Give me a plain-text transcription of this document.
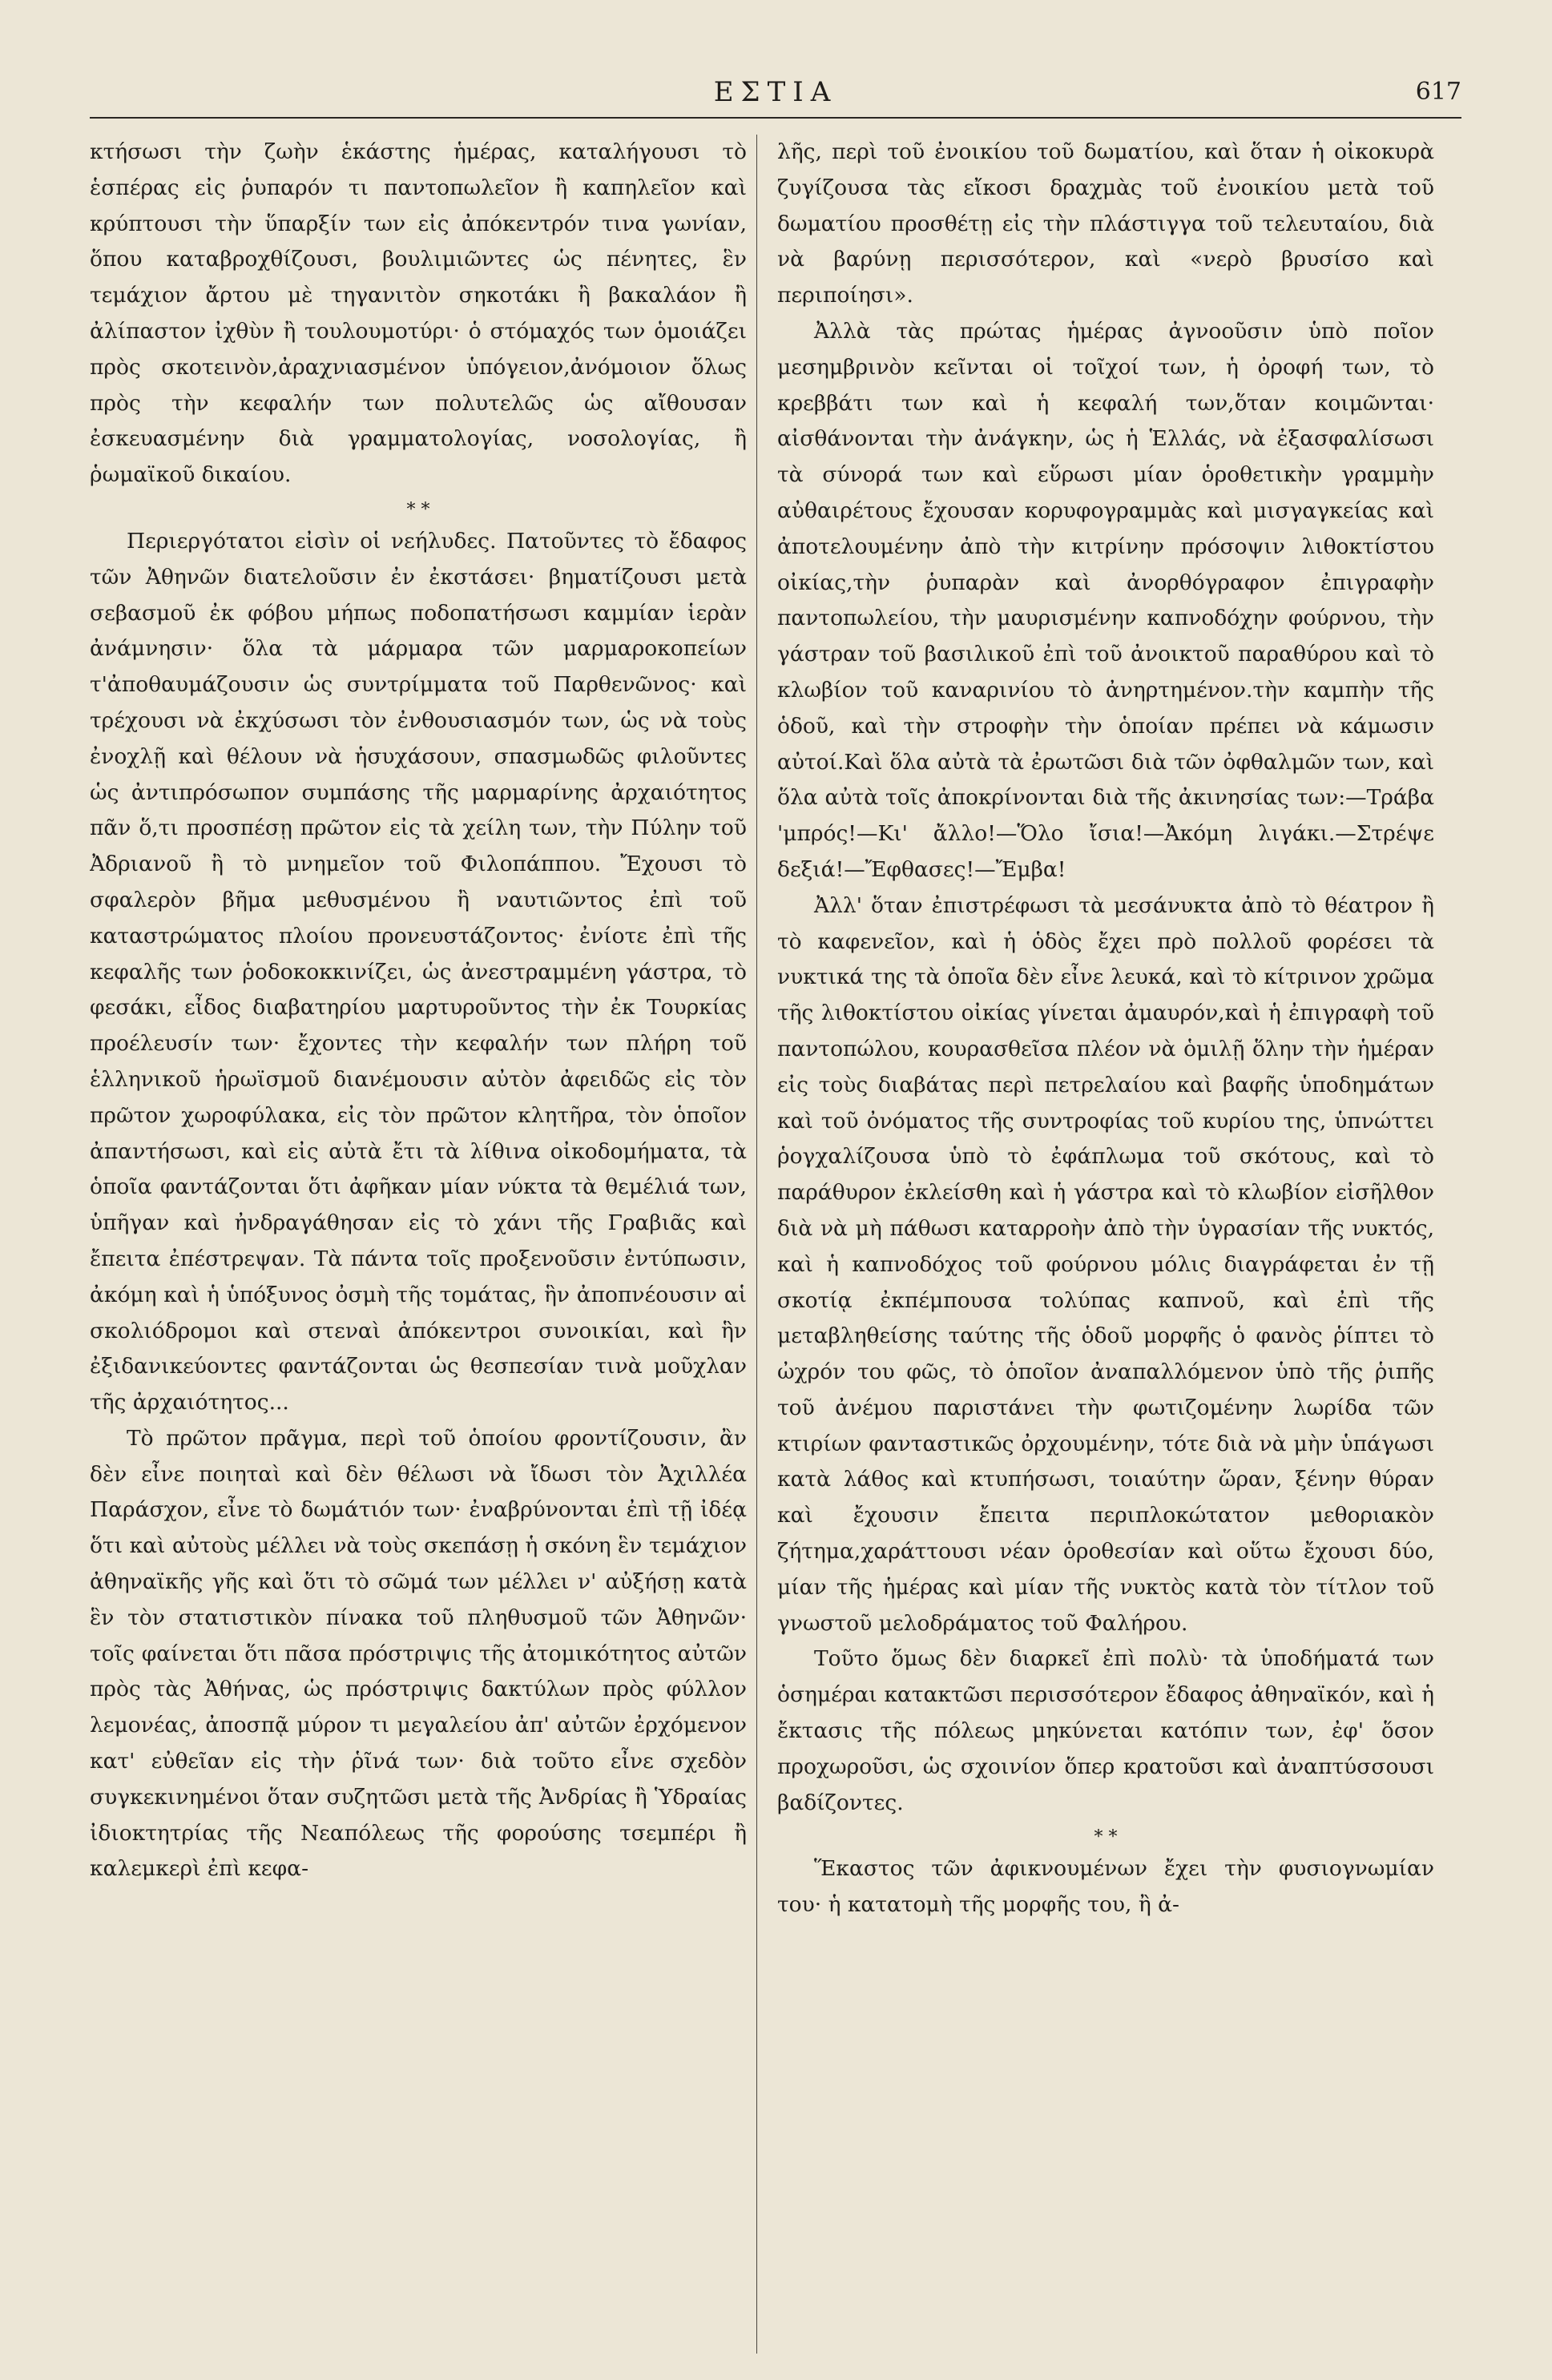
ΕΣΤΙΑ	617

κτήσωσι τὴν ζωὴν ἑκάστης ἡμέρας, καταλήγουσι τὸ ἑσπέρας εἰς ῥυπαρόν τι παντοπωλεῖον ἢ καπηλεῖον καὶ κρύπτουσι τὴν ὕπαρξίν των εἰς ἀπόκεντρόν τινα γωνίαν, ὅπου καταβροχθίζουσι, βουλιμιῶντες ὡς πένητες, ἓν τεμάχιον ἄρτου μὲ τηγανιτὸν σηκοτάκι ἢ βακαλάον ἢ ἀλίπαστον ἰχθὺν ἢ τουλουμοτύρι· ὁ στόμαχός των ὁμοιάζει πρὸς σκοτεινὸν,ἀραχνιασμένον ὑπόγειον,ἀνόμοιον ὅλως πρὸς τὴν κεφαλήν των πολυτελῶς ὡς αἴθουσαν ἐσκευασμένην διὰ γραμματολογίας, νοσολογίας, ἢ ῥωμαϊκοῦ δικαίου.

* *

Περιεργότατοι εἰσὶν οἱ νεήλυδες. Πατοῦντες τὸ ἔδαφος τῶν Ἀθηνῶν διατελοῦσιν ἐν ἐκστάσει· βηματίζουσι μετὰ σεβασμοῦ ἐκ φόβου μήπως ποδοπατήσωσι καμμίαν ἱερὰν ἀνάμνησιν· ὅλα τὰ μάρμαρα τῶν μαρμαροκοπείων τ'ἀποθαυμάζουσιν ὡς συντρίμματα τοῦ Παρθενῶνος· καὶ τρέχουσι νὰ ἐκχύσωσι τὸν ἐνθουσιασμόν των, ὡς νὰ τοὺς ἐνοχλῇ καὶ θέλουν νὰ ἡσυχάσουν, σπασμωδῶς φιλοῦντες ὡς ἀντιπρόσωπον συμπάσης τῆς μαρμαρίνης ἀρχαιότητος πᾶν ὅ,τι προσπέσῃ πρῶτον εἰς τὰ χείλη των, τὴν Πύλην τοῦ Ἀδριανοῦ ἢ τὸ μνημεῖον τοῦ Φιλοπάππου. Ἔχουσι τὸ σφαλερὸν βῆμα μεθυσμένου ἢ ναυτιῶντος ἐπὶ τοῦ καταστρώματος πλοίου προνευστάζοντος· ἐνίοτε ἐπὶ τῆς κεφαλῆς των ῥοδοκοκκινίζει, ὡς ἀνεστραμμένη γάστρα, τὸ φεσάκι, εἶδος διαβατηρίου μαρτυροῦντος τὴν ἐκ Τουρκίας προέλευσίν των· ἔχοντες τὴν κεφαλήν των πλήρη τοῦ ἑλληνικοῦ ἡρωϊσμοῦ διανέμουσιν αὐτὸν ἀφειδῶς εἰς τὸν πρῶτον χωροφύλακα, εἰς τὸν πρῶτον κλητῆρα, τὸν ὁποῖον ἀπαντήσωσι, καὶ εἰς αὐτὰ ἔτι τὰ λίθινα οἰκοδομήματα, τὰ ὁποῖα φαντάζονται ὅτι ἀφῆκαν μίαν νύκτα τὰ θεμέλιά των, ὑπῆγαν καὶ ἠνδραγάθησαν εἰς τὸ χάνι τῆς Γραβιᾶς καὶ ἔπειτα ἐπέστρεψαν. Τὰ πάντα τοῖς προξενοῦσιν ἐντύπωσιν, ἀκόμη καὶ ἡ ὑπόξυνος ὀσμὴ τῆς τομάτας, ἣν ἀποπνέουσιν αἱ σκολιόδρομοι καὶ στεναὶ ἀπόκεντροι συνοικίαι, καὶ ἣν ἐξιδανικεύοντες φαντάζονται ὡς θεσπεσίαν τινὰ μοῦχλαν τῆς ἀρχαιότητος...

Τὸ πρῶτον πρᾶγμα, περὶ τοῦ ὁποίου φροντίζουσιν, ἂν δὲν εἶνε ποιηταὶ καὶ δὲν θέλωσι νὰ ἴδωσι τὸν Ἀχιλλέα Παράσχον, εἶνε τὸ δωμάτιόν των· ἐναβρύνονται ἐπὶ τῇ ἰδέᾳ ὅτι καὶ αὐτοὺς μέλλει νὰ τοὺς σκεπάσῃ ἡ σκόνη ἓν τεμάχιον ἀθηναϊκῆς γῆς καὶ ὅτι τὸ σῶμά των μέλλει ν' αὐξήσῃ κατὰ ἓν τὸν στατιστικὸν πίνακα τοῦ πληθυσμοῦ τῶν Ἀθηνῶν· τοῖς φαίνεται ὅτι πᾶσα πρόστριψις τῆς ἀτομικότητος αὐτῶν πρὸς τὰς Ἀθήνας, ὡς πρόστριψις δακτύλων πρὸς φύλλον λεμονέας, ἀποσπᾷ μύρον τι μεγαλείου ἀπ' αὐτῶν ἐρχόμενον κατ' εὐθεῖαν εἰς τὴν ῥῖνά των· διὰ τοῦτο εἶνε σχεδὸν συγκεκινημένοι ὅταν συζητῶσι μετὰ τῆς Ἀνδρίας ἢ Ὑδραίας ἰδιοκτητρίας τῆς Νεαπόλεως τῆς φορούσης τσεμπέρι ἢ καλεμκερὶ ἐπὶ κεφα-

λῆς, περὶ τοῦ ἐνοικίου τοῦ δωματίου, καὶ ὅταν ἡ οἰκοκυρὰ ζυγίζουσα τὰς εἴκοσι δραχμὰς τοῦ ἐνοικίου μετὰ τοῦ δωματίου προσθέτῃ εἰς τὴν πλάστιγγα τοῦ τελευταίου, διὰ νὰ βαρύνῃ περισσότερον, καὶ «νερὸ βρυσίσο καὶ περιποίησι».

Ἀλλὰ τὰς πρώτας ἡμέρας ἀγνοοῦσιν ὑπὸ ποῖον μεσημβρινὸν κεῖνται οἱ τοῖχοί των, ἡ ὀροφή των, τὸ κρεββάτι των καὶ ἡ κεφαλή των,ὅταν κοιμῶνται· αἰσθάνονται τὴν ἀνάγκην, ὡς ἡ Ἑλλάς, νὰ ἐξασφαλίσωσι τὰ σύνορά των καὶ εὕρωσι μίαν ὁροθετικὴν γραμμὴν αὐθαιρέτους ἔχουσαν κορυφογραμμὰς καὶ μισγαγκείας καὶ ἀποτελουμένην ἀπὸ τὴν κιτρίνην πρόσοψιν λιθοκτίστου οἰκίας,τὴν ῥυπαρὰν καὶ ἀνορθόγραφον ἐπιγραφὴν παντοπωλείου, τὴν μαυρισμένην καπνοδόχην φούρνου, τὴν γάστραν τοῦ βασιλικοῦ ἐπὶ τοῦ ἀνοικτοῦ παραθύρου καὶ τὸ κλωβίον τοῦ καναρινίου τὸ ἀνηρτημένον.τὴν καμπὴν τῆς ὁδοῦ, καὶ τὴν στροφὴν τὴν ὁποίαν πρέπει νὰ κάμωσιν αὐτοί.Καὶ ὅλα αὐτὰ τὰ ἐρωτῶσι διὰ τῶν ὀφθαλμῶν των, καὶ ὅλα αὐτὰ τοῖς ἀποκρίνονται διὰ τῆς ἀκινησίας των:—Τράβα 'μπρός!—Κι' ἄλλο!—Ὅλο ἴσια!—Ἀκόμη λιγάκι.—Στρέψε δεξιά!—Ἔφθασες!—Ἔμβα!

Ἀλλ' ὅταν ἐπιστρέφωσι τὰ μεσάνυκτα ἀπὸ τὸ θέατρον ἢ τὸ καφενεῖον, καὶ ἡ ὁδὸς ἔχει πρὸ πολλοῦ φορέσει τὰ νυκτικά της τὰ ὁποῖα δὲν εἶνε λευκά, καὶ τὸ κίτρινον χρῶμα τῆς λιθοκτίστου οἰκίας γίνεται ἀμαυρόν,καὶ ἡ ἐπιγραφὴ τοῦ παντοπώλου, κουρασθεῖσα πλέον νὰ ὁμιλῇ ὅλην τὴν ἡμέραν εἰς τοὺς διαβάτας περὶ πετρελαίου καὶ βαφῆς ὑποδημάτων καὶ τοῦ ὀνόματος τῆς συντροφίας τοῦ κυρίου της, ὑπνώττει ῥογχαλίζουσα ὑπὸ τὸ ἐφάπλωμα τοῦ σκότους, καὶ τὸ παράθυρον ἐκλείσθη καὶ ἡ γάστρα καὶ τὸ κλωβίον εἰσῆλθον διὰ νὰ μὴ πάθωσι καταρροὴν ἀπὸ τὴν ὑγρασίαν τῆς νυκτός, καὶ ἡ καπνοδόχος τοῦ φούρνου μόλις διαγράφεται ἐν τῇ σκοτίᾳ ἐκπέμπουσα τολύπας καπνοῦ, καὶ ἐπὶ τῆς μεταβληθείσης ταύτης τῆς ὁδοῦ μορφῆς ὁ φανὸς ῥίπτει τὸ ὠχρόν του φῶς, τὸ ὁποῖον ἀναπαλλόμενον ὑπὸ τῆς ῥιπῆς τοῦ ἀνέμου παριστάνει τὴν φωτιζομένην λωρίδα τῶν κτιρίων φανταστικῶς ὀρχουμένην, τότε διὰ νὰ μὴν ὑπάγωσι κατὰ λάθος καὶ κτυπήσωσι, τοιαύτην ὥραν, ξένην θύραν καὶ ἔχουσιν ἔπειτα περιπλοκώτατον μεθοριακὸν ζήτημα,χαράττουσι νέαν ὁροθεσίαν καὶ οὕτω ἔχουσι δύο, μίαν τῆς ἡμέρας καὶ μίαν τῆς νυκτὸς κατὰ τὸν τίτλον τοῦ γνωστοῦ μελοδράματος τοῦ Φαλήρου.

Τοῦτο ὅμως δὲν διαρκεῖ ἐπὶ πολὺ· τὰ ὑποδήματά των ὁσημέραι κατακτῶσι περισσότερον ἔδαφος ἀθηναϊκόν, καὶ ἡ ἔκτασις τῆς πόλεως μηκύνεται κατόπιν των, ἐφ' ὅσον προχωροῦσι, ὡς σχοινίον ὅπερ κρατοῦσι καὶ ἀναπτύσσουσι βαδίζοντες.

* *

Ἕκαστος τῶν ἀφικνουμένων ἔχει τὴν φυσιογνωμίαν του· ἡ κατατομὴ τῆς μορφῆς του, ἢ ἀ-
